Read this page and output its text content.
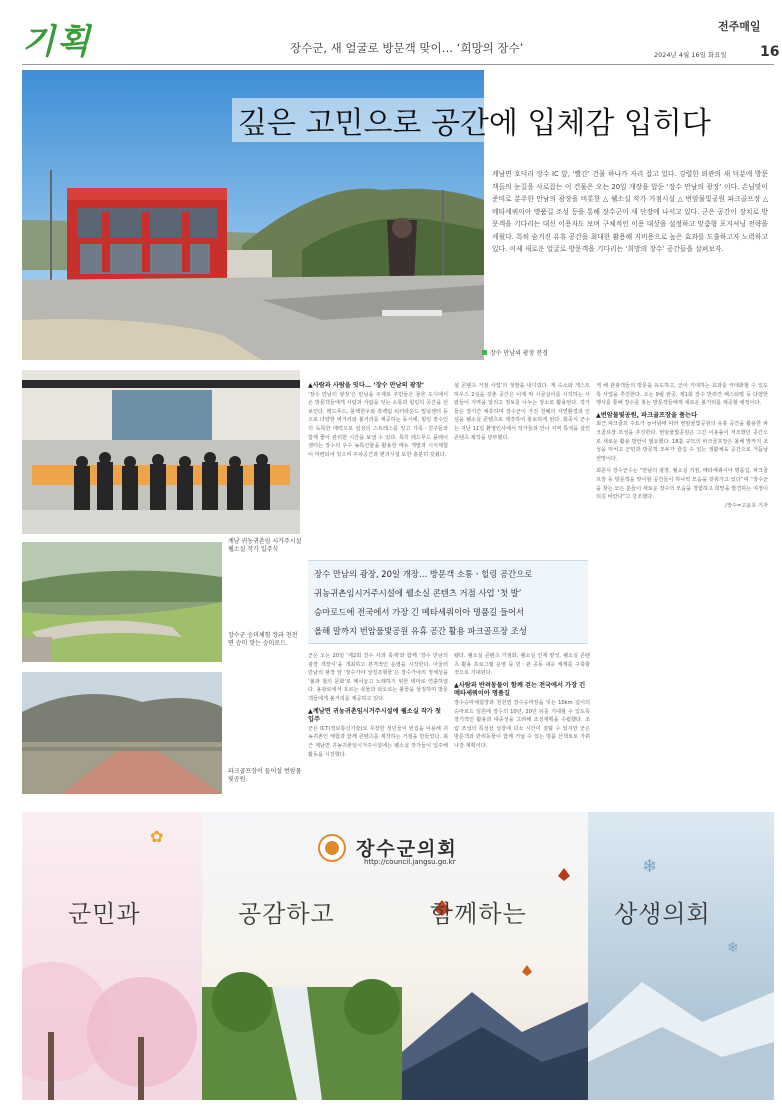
기획	장수군, 새 얼굴로 방문객 맞이… ‘희망의 장수’
전주매일
2024년 4월 16일 화요일 16
깊은 고민으로 공간에 입체감 입히다
계남면 호덕리 장수 IC 앞, ‘빨간’ 건물 하나가 자리 잡고 있다. 강렬한 외관의 새 덕분에 방문객들의 눈길을 사로잡는 이 건물은 오는 20일 개장을 앞둔 ‘장수 만남의 광장’ 이다. 손님맞이 준비로 분주한 만남의 광장을 비롯한 △ 웰소실 작가 거점시설 △ 번암물빛공원 파크골프장 △ 메타세쿼이아 명품길 조성 등을 통해 장수군이 새 단장에 나서고 있다. 군은 공간이 장치로 방문객을 기다리는 대신 이용자도 보며 구체적인 이용 대상을 설정하고 맞춤형 포지셔닝 전략을 세웠다. 특히 숨겨진 유휴 공간을 최대한 활용해 지비용으로 높은 효과를 도출하고자 노력하고 있다. 이제 새로운 얼굴로 방문객을 기다리는 ‘희망의 장수’ 공간들을 살펴보자.
장수 만남의 광장 전경
계남 귀농귀촌임 시가주시설 웰소실 작가 입주식
장수군 승미체험 장과 천천면 승미 맛는 승미로드.
파크골프장이 들어설 번암물빛공원.
장수 만남의 광장, 20일 개장… 방문객 소통ㆍ힐링 공간으로
귀농귀촌임시거주시설에 웰소실 콘텐츠 거점 사업 ‘첫 발’
승마로드에 전국에서 가장 긴 메타세쿼이아 명품길 들어서
올해 말까지 번암물빛공원 유휴 공간 활용 파크골프장 조성
▲사람과 사람을 잇다… ‘장수 만남의 광장’
‘장수 만남의 광장’은 만남을 주제로 주민들은 물론 도시에서 온 방문객들에게 사람과 사람을 잇는 소통과 힐링의 공간을 선보인다. 레드푸드, 블랙한우와 흑백팀 워터라운드 빌딩센터 등으로 다양한 먹거리와 볼거리를 제공하는 동시에, 힐링 장수인의 독특한 매력으로 일상의 스트레스를 잊고 가족ㆍ친구들과 함께 좋아 관리한 시간을 보낼 수 있다. 특히 레드푸드 플레이센터는 장수의 우수 농특산물을 활용한 메뉴 개발과 시식체험이 마련되어 있으며 주차공간과 편의시설 또한 충분히 갖췄다.
셜 콘텐츠 거점 사업’의 첫발을 내디뎠다. 계 숙소와 게스트하우스 2실을 갖춘 공간은 이제 막 시골살이를 시작하는 사람들이 지역을 알리고 정보를 나누는 장소로 활용된다. 작가들은 장기간 체류하며 장수군이 가진 천혜의 자연환경과 인심을 웰소실 콘텐츠로 제작하여 홍보하게 된다. 회종식 군수는 지난 11일 환영인사에서 작가들과 만나 지역 특색을 살린 콘텐츠 제작을 당부했다.
게 해 관광객들의 방문을 유도하고, 군이 기대하는 효과를 극대화할 수 있도록 사업을 추진한다. 오는 9월 완공, 제1회 장수 반려견 페스티벌 등 다양한 행사를 통해 장수를 찾는 방문객들에게 새로운 볼거리를 제공할 예정이다.
▲번암물빛공원, 파크골프장을 품는다
최근 파크골프 수요가 늘어남에 따라 번암물빛공원의 유휴 공간을 활용한 파크골프장 조성을 추진한다. 번암물빛공원은 그간 이용률이 저조했던 공간으로 새로운 활용 방안이 필요했다. 18홀 규모의 파크골프장은 올해 말까지 조성을 마치고 군민과 방문객 모두가 즐길 수 있는 생활체육 공간으로 거듭날 전망이다.
최훈식 장수군수는 “만남의 광장, 웰소실 거점, 메타세쿼이아 명품길, 파크골프장 등 방문객을 맞이할 공간들이 하나씩 모습을 갖춰가고 있다”며 “장수군을 찾는 모든 분들이 새로운 장수의 모습을 경험하고 희망을 발견하는 여정이 되길 바란다”고 강조했다.
/장수=고윤호 기자
군은 오는 20일 ‘제2회 장수 사과 축제’와 함께 ‘장수 만남의 광장 개장식’을 개최하고 본격적인 운영을 시작한다. 아울러 만남의 광장 앞 ‘장수가야 상징조형물’은 장수가야의 정체성을 ‘불과 철의 문화’로 떼어놓고 노래하기 위한 테마로 연출하였다. 용광로에서 흐르는 쇳물과 타오르는 불꽃을 상징하며 방문객들에게 볼거리를 제공하고 있다.
▲계남면 귀농귀촌임시거주시설에 웰소실 작가 첫 입주
군은 ICT(정보통신기술)로 무장한 청년들이 빈집을 이용해 귀농귀촌인 체험과 함께 콘텐츠를 제작하는 거점을 만들었다. 최근 계남면 귀농귀촌임시거주시설에는 웰소실 작가들이 입주해 활동을 시작했다.
됐다. 웰소실 콘텐츠 거점화, 웰소실 인재 양성, 웰소실 콘텐츠 활용 프로그램 운영 등 민ㆍ관 공동 대응 체계를 구축할 것으로 기대된다.
▲사람과 반려동물이 함께 걷는 전국에서 가장 긴 메타세쿼이아 명품길
장수승마체험장과 천천면 장수승마장을 잇는 10km 길이의 승마로드 일원에 장수의 10년, 20년 뒤를 기대할 수 있도록 장기적인 활용과 대중성을 고려해 조성계획을 수립했다. 조림 조성의 특성상 성장에 다소 시간이 걸릴 수 있지만 군은 방문객과 반려동물이 함께 거닐 수 있는 명품 산책로로 가꿔 나갈 계획이다.
❄
❄
✿
장수군의회
http://council.jangsu.go.kr
군민과	공감하고	함께하는	상생의회
